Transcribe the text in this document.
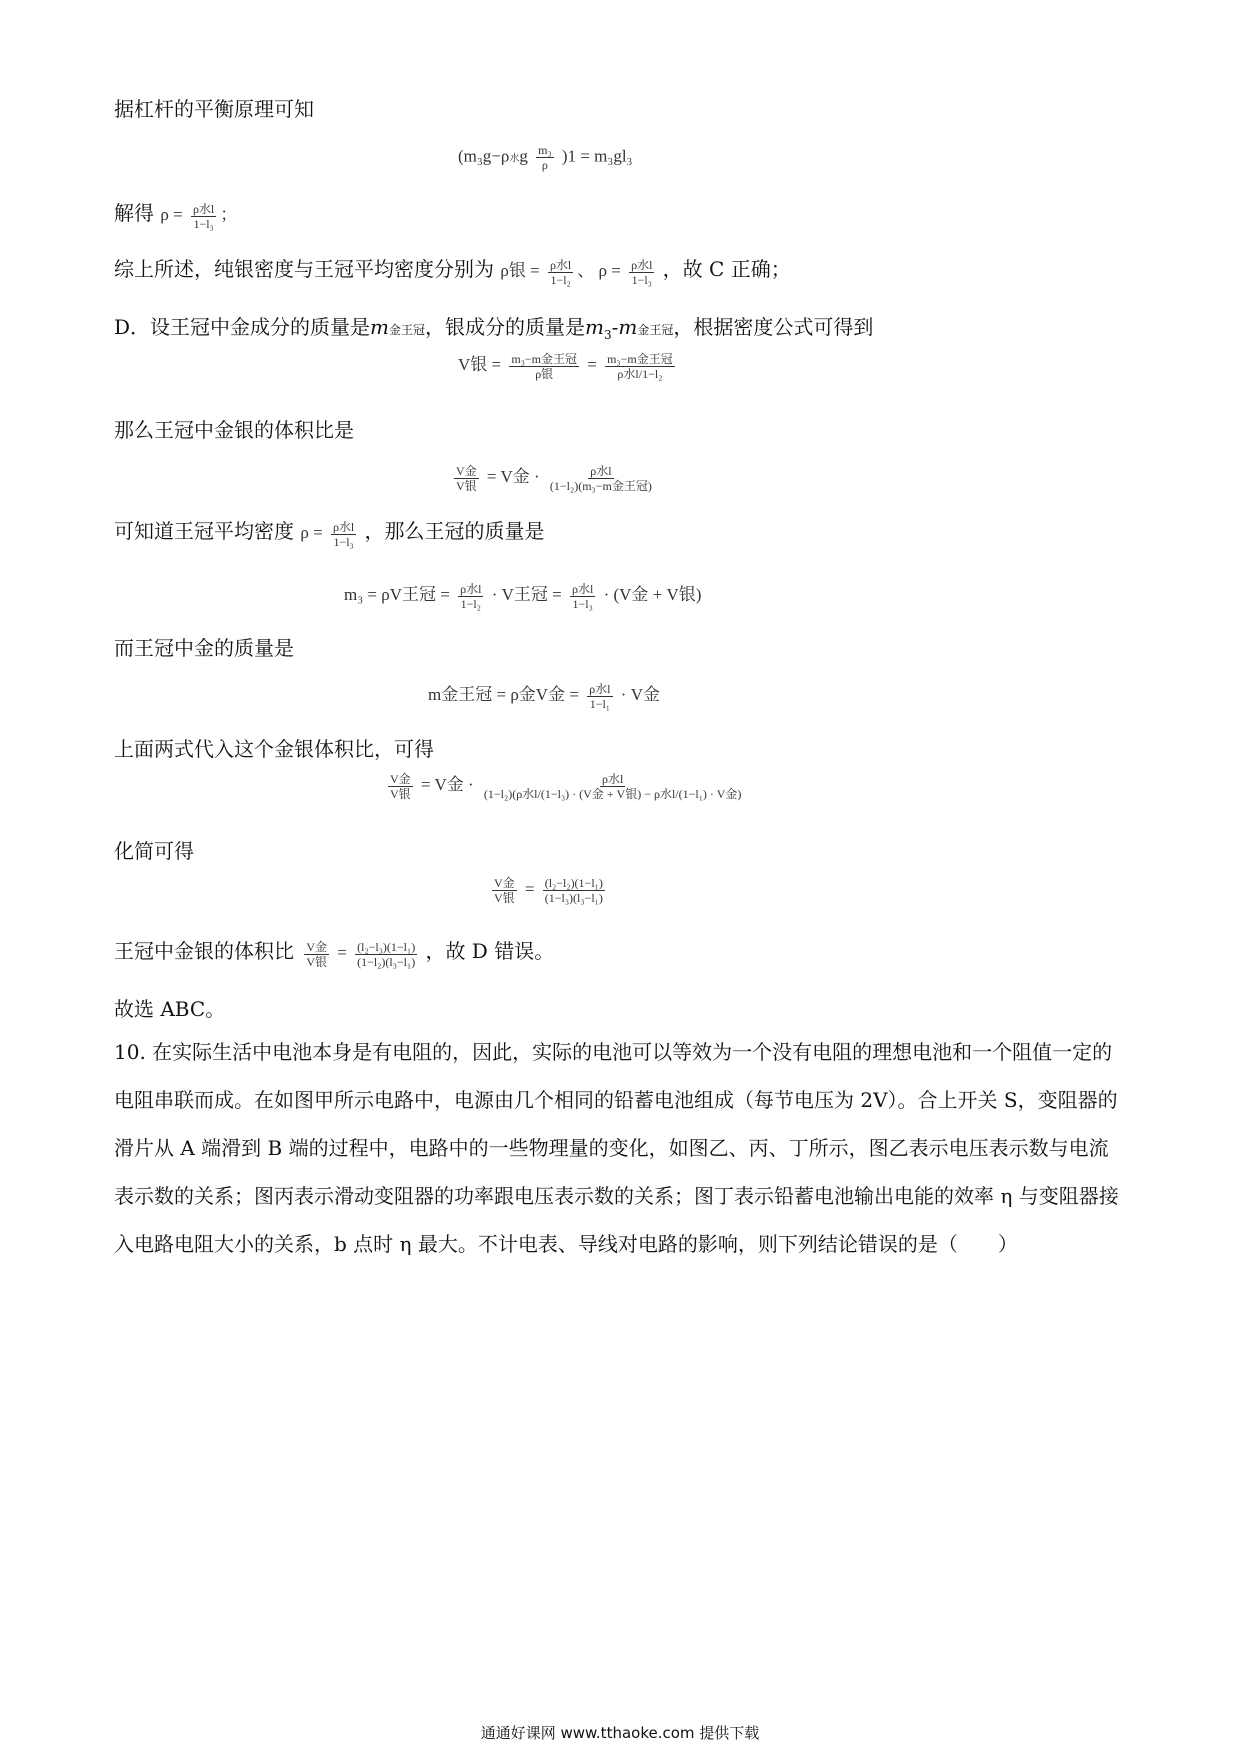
据杠杆的平衡原理可知
(m₃g−ρ水g $\frac{\text{m₃}}{\rho} )1 = m_3gl_3$
解得 $\rho = \frac{\text{ρ水l}}{\text{1−l₃}}$ ；
综上所述，纯银密度与王冠平均密度分别为 ρ银 = $\frac{\text{ρ水l}}{\text{1−l₂}}$ 、 $\rho = \frac{\text{ρ水l}}{\text{1−l₃}}$ ，故 C 正确；
D．设王冠中金成分的质量是m金王冠，银成分的质量是$m_3-m$金王冠，根据密度公式可得到
V银 = $\frac{\text{m₃−m金王冠}}{\text{ρ银}} = \frac{\text{m₃−m金王冠}}{\text{ρ水l/1−l₂}}$
那么王冠中金银的体积比是
$\frac{\text{V金}}{\text{V银}} = V$金 · $\frac{\text{ρ水l}}{\text{(1−l₂)(m₃−m金王冠)}}$
可知道王冠平均密度 $\rho = \frac{\text{ρ水l}}{\text{1−l₃}}$ ，那么王冠的质量是
m₃ = ρV王冠 = $\frac{\text{ρ水l}}{\text{1−l₂}} \cdot V$王冠 = $\frac{\text{ρ水l}}{\text{1−l₃}} \cdot (V$金 + V银)
而王冠中金的质量是
m金王冠 = ρ金V金 = $\frac{\text{ρ水l}}{\text{1−l₁}} \cdot V$金
上面两式代入这个金银体积比，可得
$\frac{\text{V金}}{\text{V银}} = V$金 · $\frac{\text{ρ水l}}{\text{(1−l₂)(ρ水l/(1−l₃) · (V金 + V银) − ρ水l/(1−l₁) · V金)}}$
化简可得
$\frac{\text{V金}}{\text{V银}} = \frac{\text{(l₂−l₂)(1−l₁)}}{\text{(1−l₃)(l₃−l₁)}}$
王冠中金银的体积比 $\frac{\text{V金}}{\text{V银}} = \frac{\text{(l₂−l₃)(1−l₁)}}{\text{(1−l₂)(l₃−l₁)}}$ ，故 D 错误。
故选 ABC。
10. 在实际生活中电池本身是有电阻的，因此，实际的电池可以等效为一个没有电阻的理想电池和一个阻值一定的电阻串联而成。在如图甲所示电路中，电源由几个相同的铅蓄电池组成（每节电压为 2V）。合上开关 S，变阻器的滑片从 A 端滑到 B 端的过程中，电路中的一些物理量的变化，如图乙、丙、丁所示，图乙表示电压表示数与电流表示数的关系；图丙表示滑动变阻器的功率跟电压表示数的关系；图丁表示铅蓄电池输出电能的效率 η 与变阻器接入电路电阻大小的关系，b 点时 η 最大。不计电表、导线对电路的影响，则下列结论错误的是（　　）
通通好课网 www.tthaoke.com 提供下载
